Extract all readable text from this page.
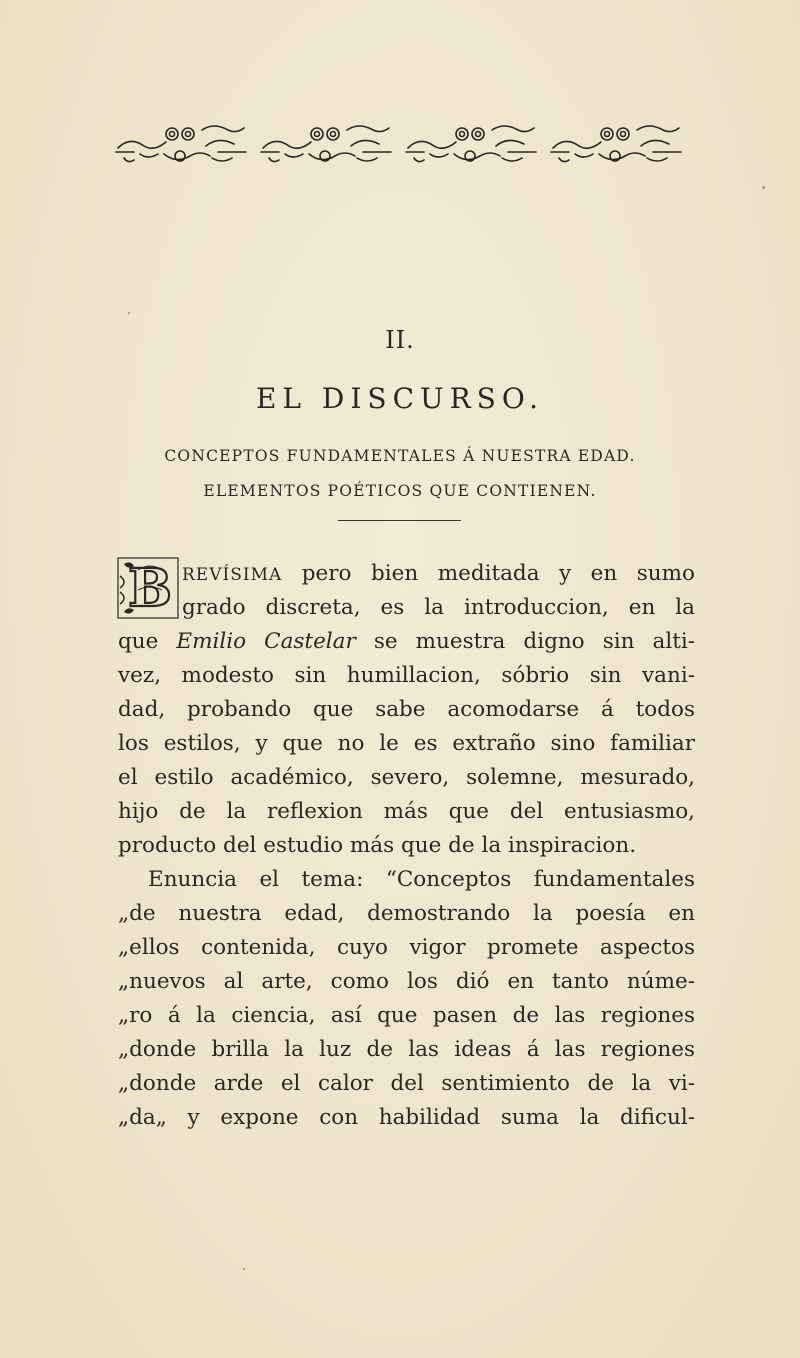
II.
EL DISCURSO.
CONCEPTOS FUNDAMENTALES Á NUESTRA EDAD.
ELEMENTOS POÉTICOS QUE CONTIENEN.
B REVÍSIMA pero bien meditada y en sumo
grado discreta, es la introduccion, en la
que Emilio Castelar se muestra digno sin alti-
vez, modesto sin humillacion, sóbrio sin vani-
dad, probando que sabe acomodarse á todos
los estilos, y que no le es extraño sino familiar
el estilo académico, severo, solemne, mesurado,
hijo de la reflexion más que del entusiasmo,
producto del estudio más que de la inspiracion.
Enuncia el tema: “Conceptos fundamentales
„de nuestra edad, demostrando la poesía en
„ellos contenida, cuyo vigor promete aspectos
„nuevos al arte, como los dió en tanto núme-
„ro á la ciencia, así que pasen de las regiones
„donde brilla la luz de las ideas á las regiones
„donde arde el calor del sentimiento de la vi-
„da„ y expone con habilidad suma la dificul-
